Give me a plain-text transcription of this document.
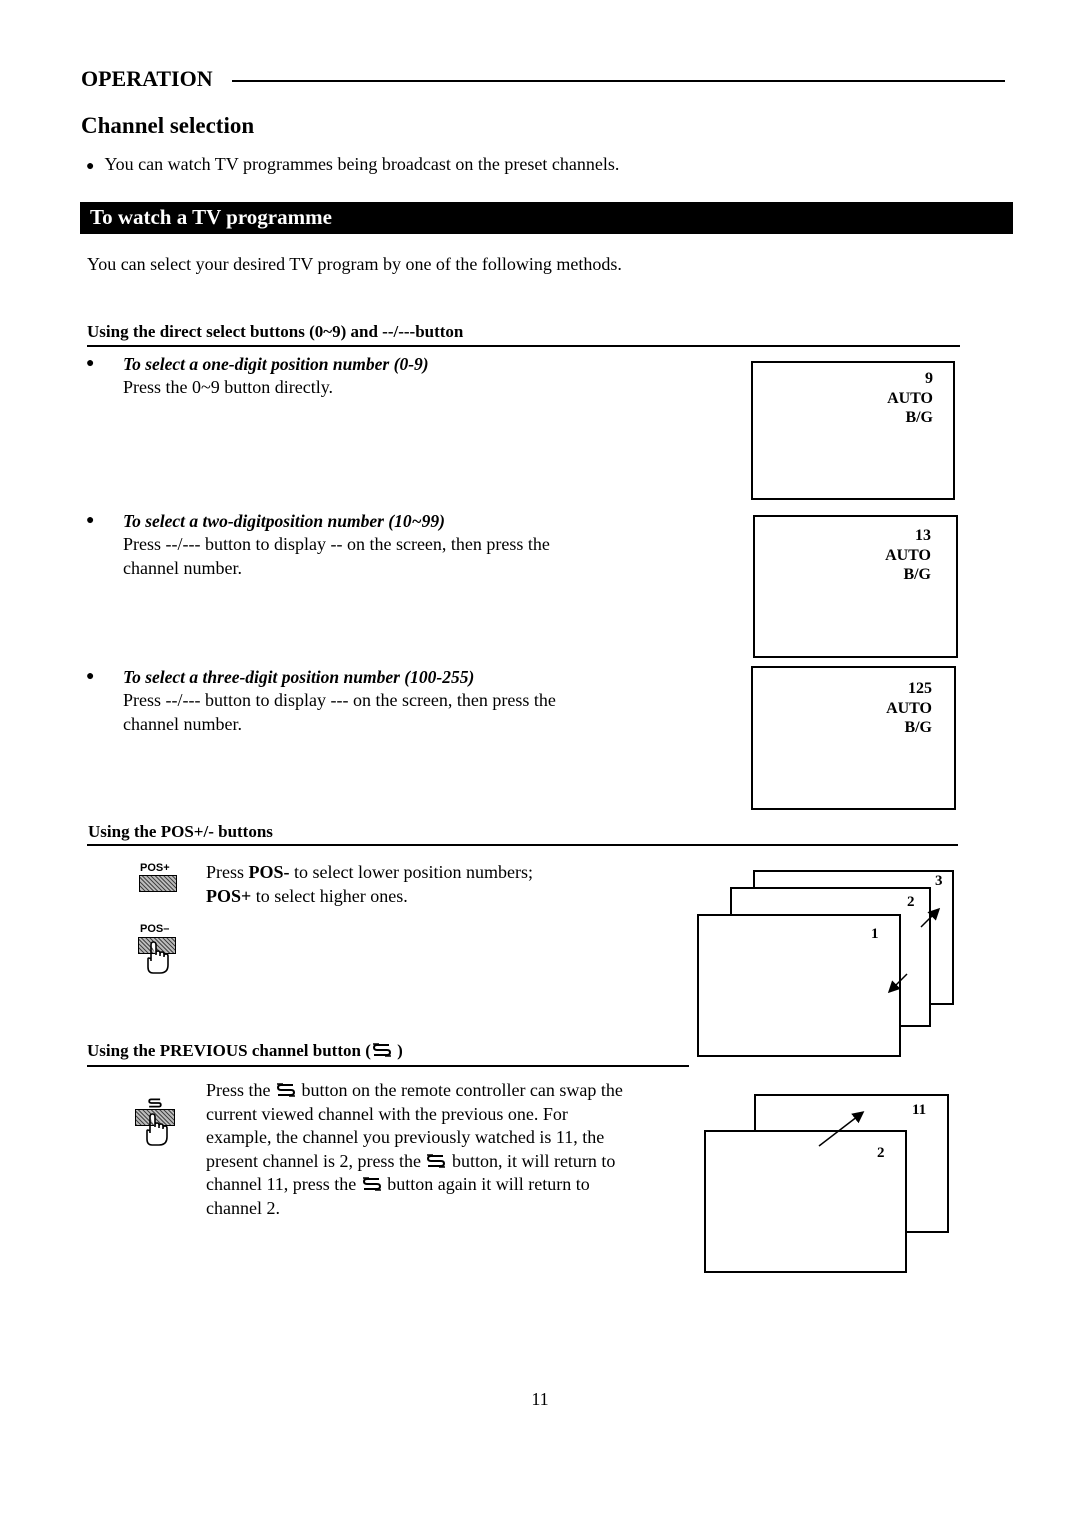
OPERATION
Channel selection
● You can watch TV programmes being broadcast on the preset channels.
To watch a TV programme
You can select your desired TV program by one of the following methods.
Using the direct select buttons (0~9) and --/---button
● To select a one-digit position number (0-9)
Press the 0~9 button directly.	9
AUTO
B/G
● To select a two-digitposition number (10~99)
Press --/--- button to display -- on the screen, then press the
channel number.
13
AUTO
B/G
● To select a three-digit position number (100-255)
Press --/--- button to display --- on the screen, then press the
channel number.
125
AUTO
B/G
Using the POS+/- buttons
POS+
POS–
Press POS- to select lower position numbers;
POS+ to select higher ones.
3
2
1
Using the PREVIOUS channel button ( )
Press the  button on the remote controller can swap the
current viewed channel with the previous one. For
example, the channel you previously watched is 11, the
present channel is 2, press the  button, it will return to
channel 11, press the  button again it will return to
channel 2.
11
2
11
